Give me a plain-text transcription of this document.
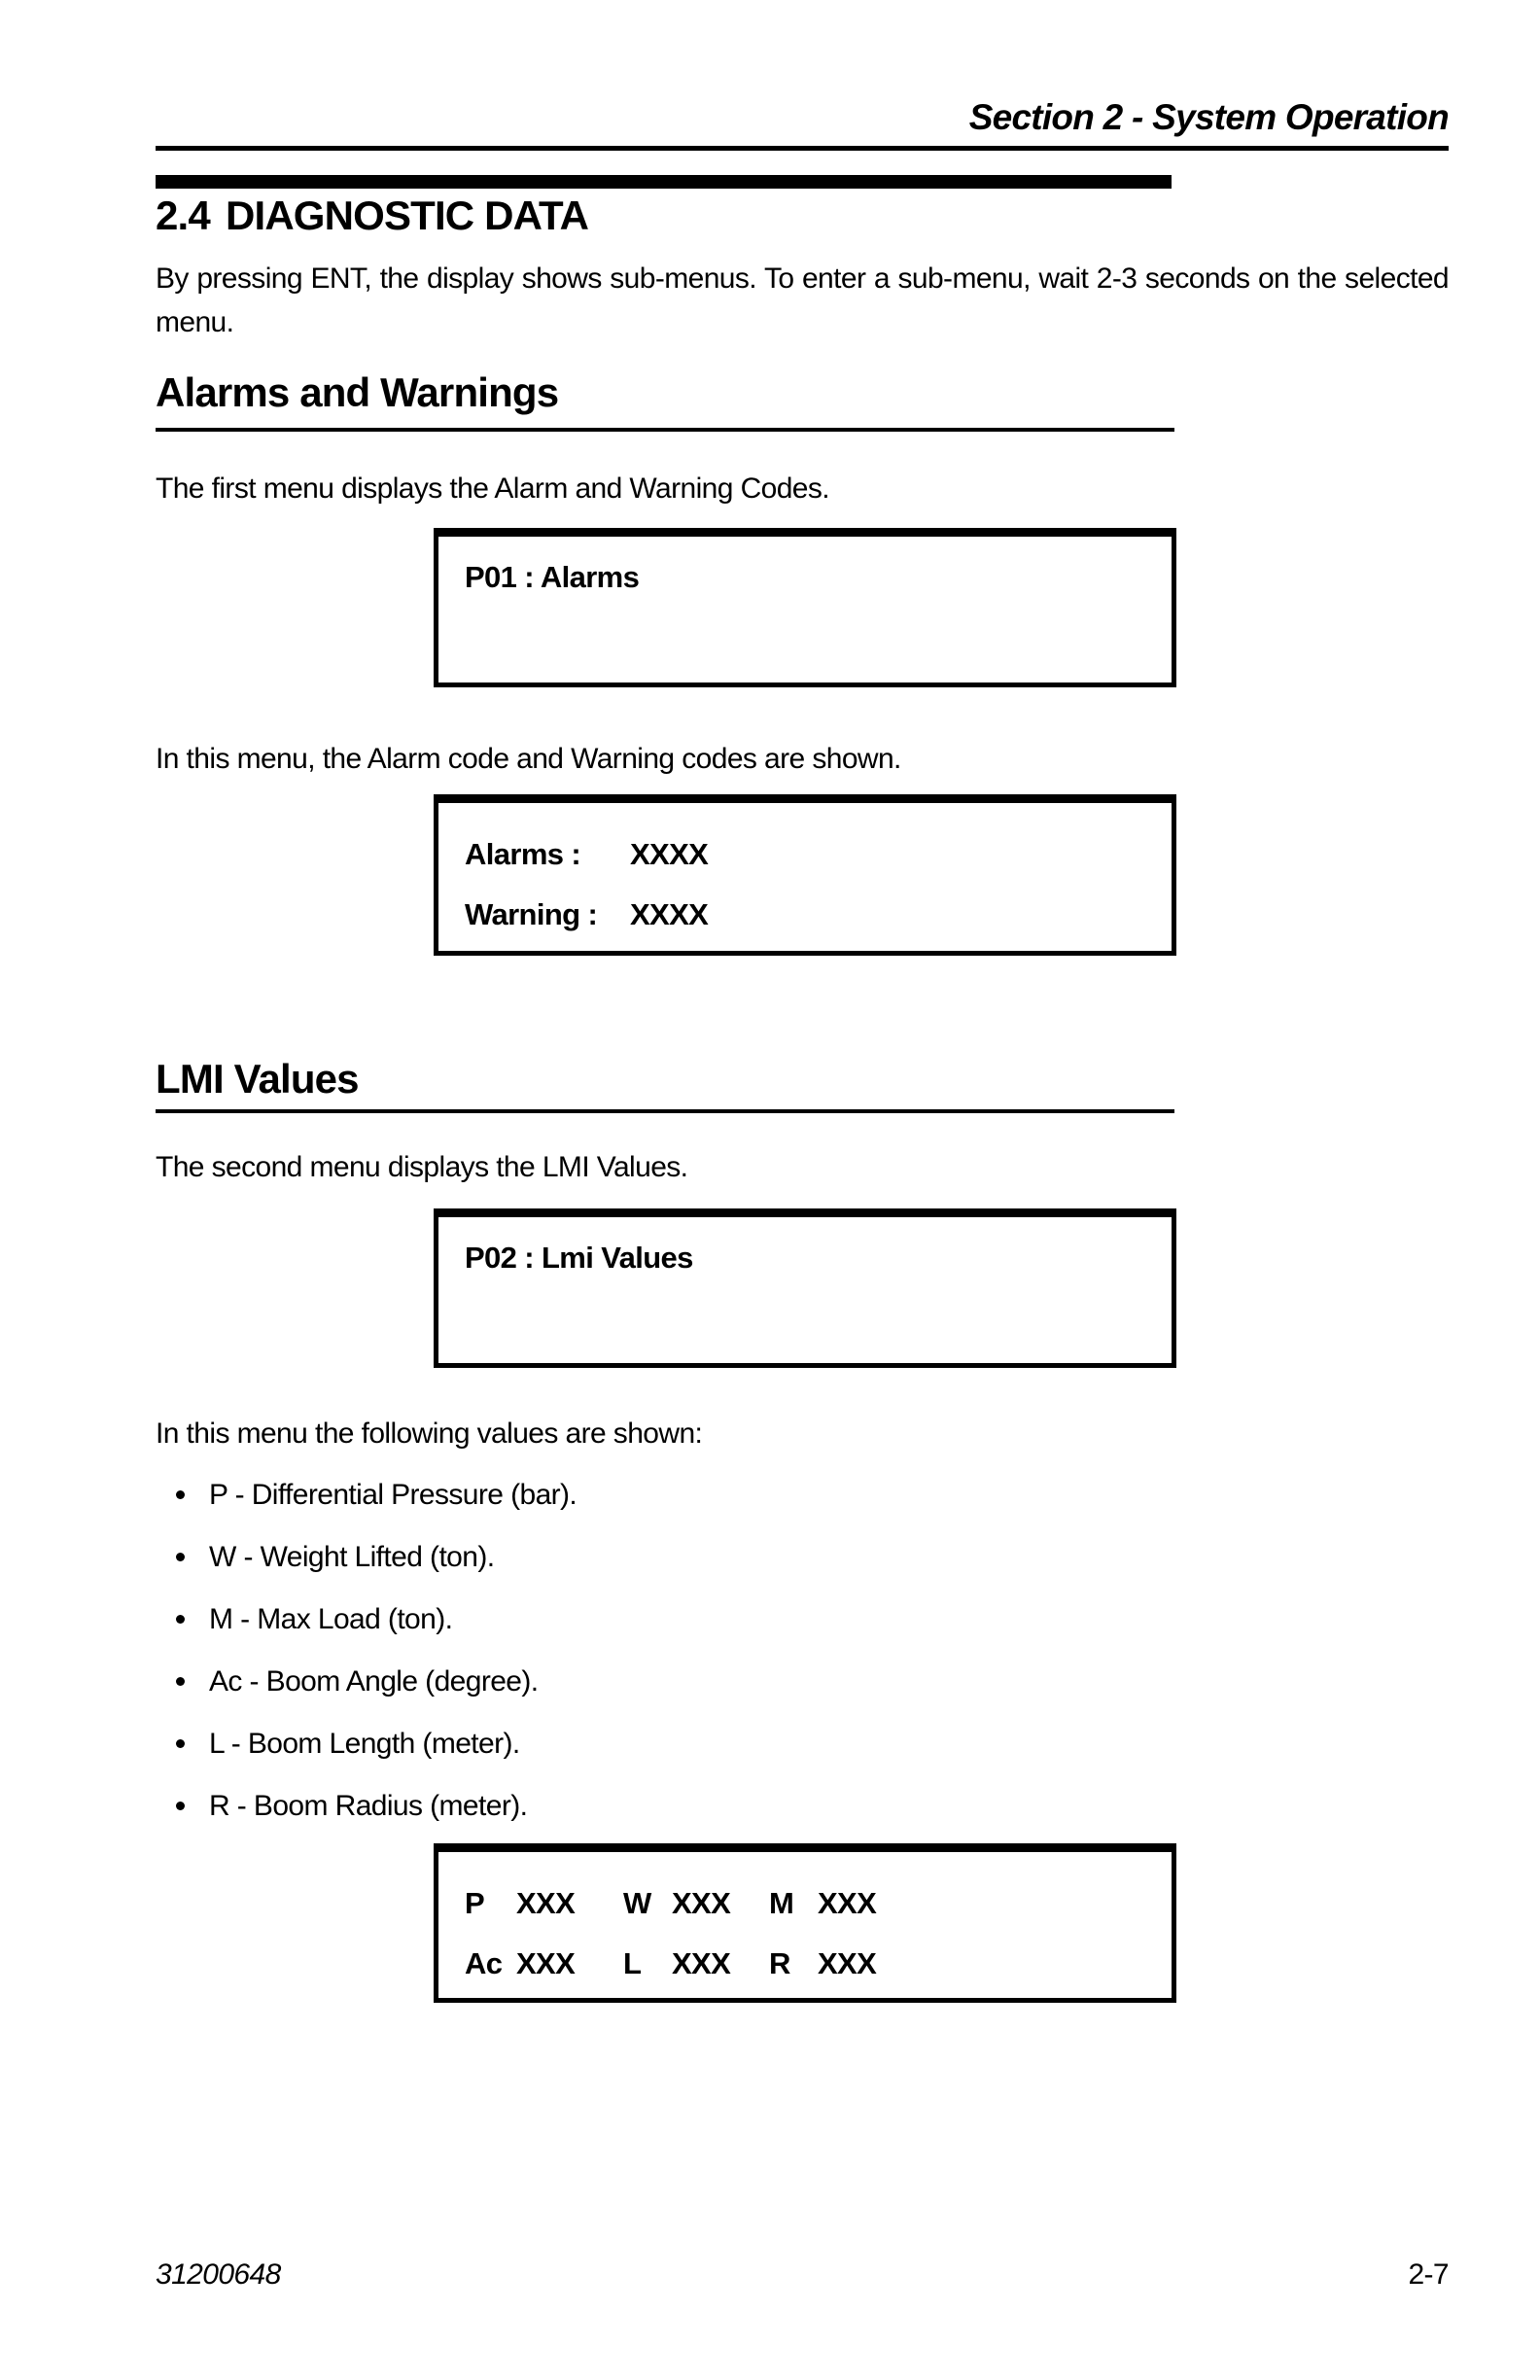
Section 2 - System Operation
2.4 DIAGNOSTIC DATA
By pressing ENT, the display shows sub-menus. To enter a sub-menu, wait 2-3 seconds on the selected menu.
Alarms and Warnings
The first menu displays the Alarm and Warning Codes.
P01 : Alarms
In this menu, the Alarm code and Warning codes are shown.
Alarms :	XXXX
Warning :	XXXX
LMI Values
The second menu displays the LMI Values.
P02 : Lmi Values
In this menu the following values are shown:
P - Differential Pressure (bar).
W - Weight Lifted (ton).
M - Max Load (ton).
Ac - Boom Angle (degree).
L - Boom Length (meter).
R - Boom Radius (meter).
P	XXX	W XXX	M XXX
Ac XXX	L	XXX	R XXX
31200648	2-7
